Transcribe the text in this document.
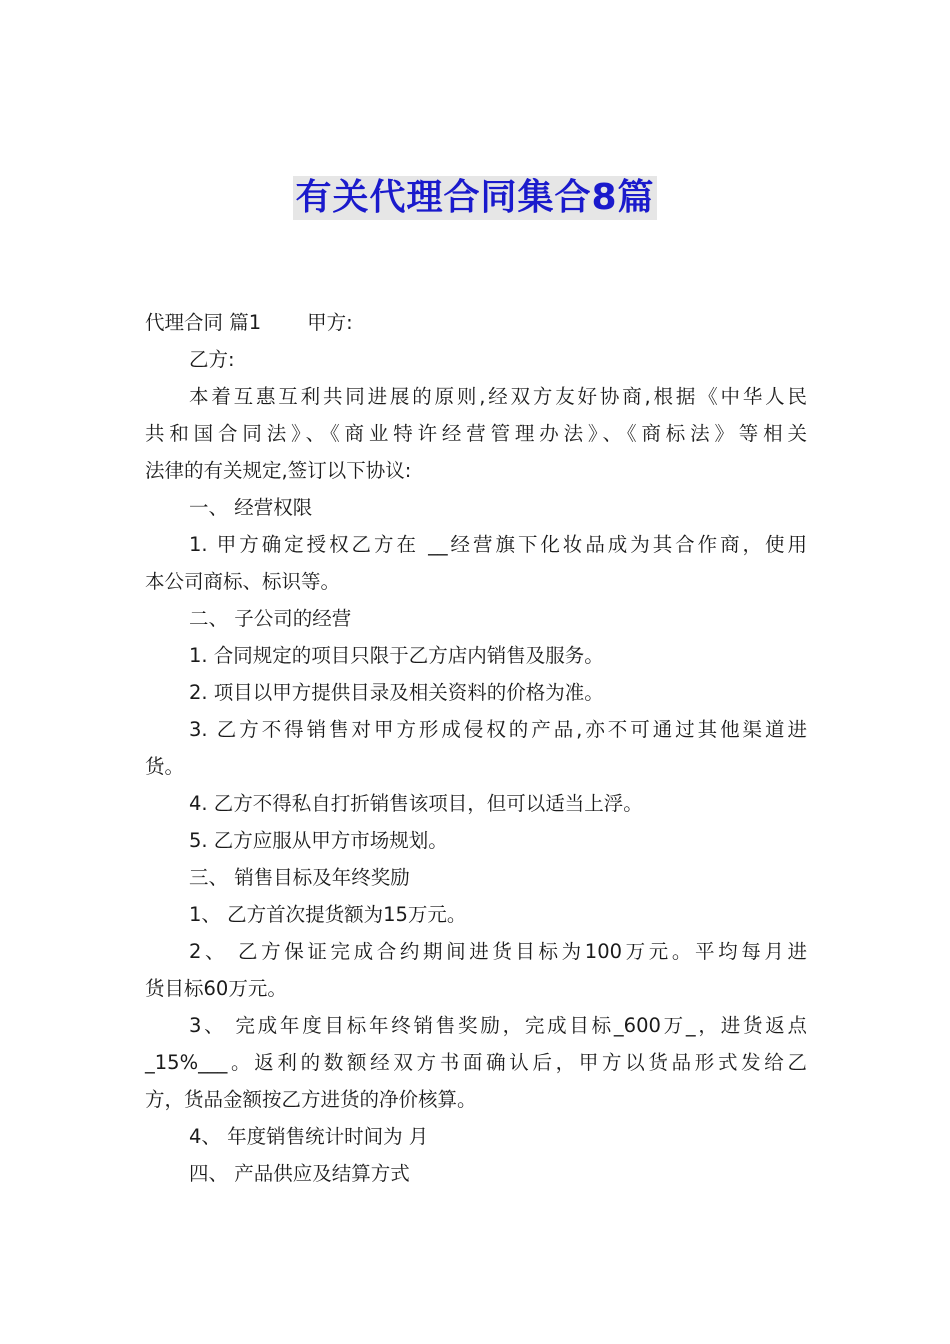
有关代理合同集合8篇
代理合同 篇1 甲方:
乙方:
本着互惠互利共同进展的原则,经双方友好协商,根据《中华人民
共和国合同法》、《商业特许经营管理办法》、《商标法》等相关
法律的有关规定,签订以下协议:
一、 经营权限
1. 甲方确定授权乙方在 __经营旗下化妆品成为其合作商，使用
本公司商标、标识等。
二、 子公司的经营
1. 合同规定的项目只限于乙方店内销售及服务。
2. 项目以甲方提供目录及相关资料的价格为准。
3. 乙方不得销售对甲方形成侵权的产品,亦不可通过其他渠道进
货。
4. 乙方不得私自打折销售该项目，但可以适当上浮。
5. 乙方应服从甲方市场规划。
三、 销售目标及年终奖励
1、 乙方首次提货额为15万元。
2、 乙方保证完成合约期间进货目标为100万元。平均每月进
货目标60万元。
3、 完成年度目标年终销售奖励，完成目标_600万_，进货返点
_15%___。返利的数额经双方书面确认后，甲方以货品形式发给乙
方，货品金额按乙方进货的净价核算。
4、 年度销售统计时间为 月
四、 产品供应及结算方式
